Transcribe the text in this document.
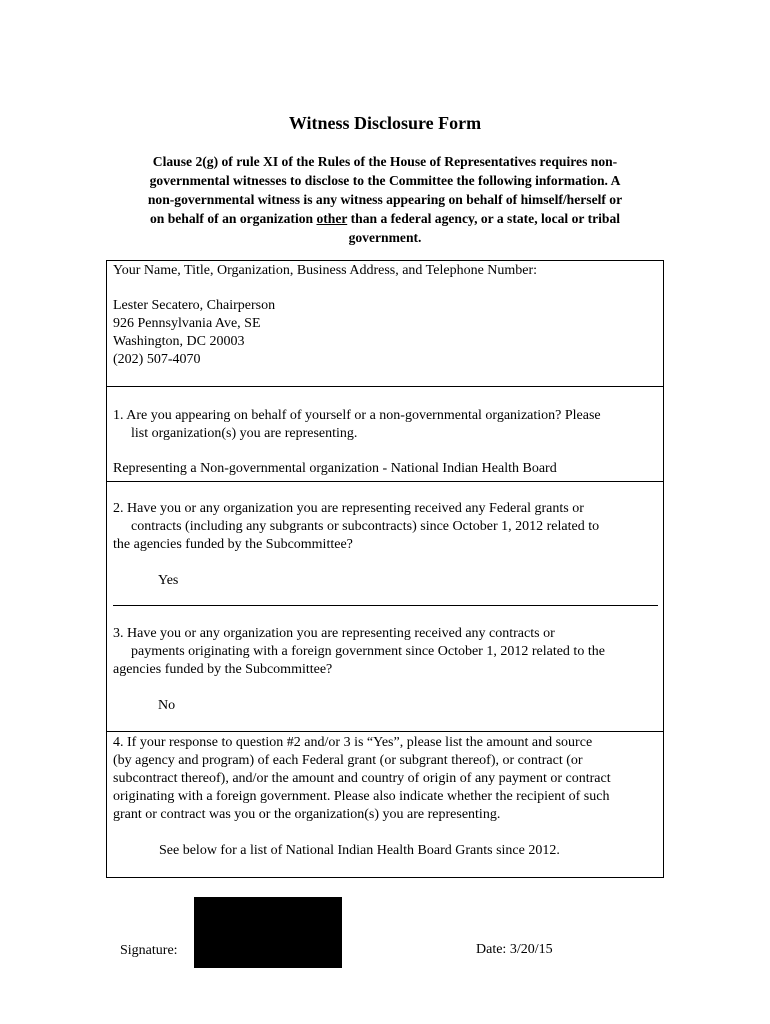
Witness Disclosure Form
Clause 2(g) of rule XI of the Rules of the House of Representatives requires non-
governmental witnesses to disclose to the Committee the following information. A
non-governmental witness is any witness appearing on behalf of himself/herself or
on behalf of an organization other than a federal agency, or a state, local or tribal
government.
Your Name, Title, Organization, Business Address, and Telephone Number:
Lester Secatero, Chairperson
926 Pennsylvania Ave, SE
Washington, DC 20003
(202) 507-4070
1. Are you appearing on behalf of yourself or a non-governmental organization? Please
list organization(s) you are representing.
Representing a Non-governmental organization - National Indian Health Board
2. Have you or any organization you are representing received any Federal grants or
contracts (including any subgrants or subcontracts) since October 1, 2012 related to
the agencies funded by the Subcommittee?
Yes
3. Have you or any organization you are representing received any contracts or
payments originating with a foreign government since October 1, 2012 related to the
agencies funded by the Subcommittee?
No
4. If your response to question #2 and/or 3 is “Yes”, please list the amount and source
(by agency and program) of each Federal grant (or subgrant thereof), or contract (or
subcontract thereof), and/or the amount and country of origin of any payment or contract
originating with a foreign government. Please also indicate whether the recipient of such
grant or contract was you or the organization(s) you are representing.
See below for a list of National Indian Health Board Grants since 2012.
Signature:	Date: 3/20/15
